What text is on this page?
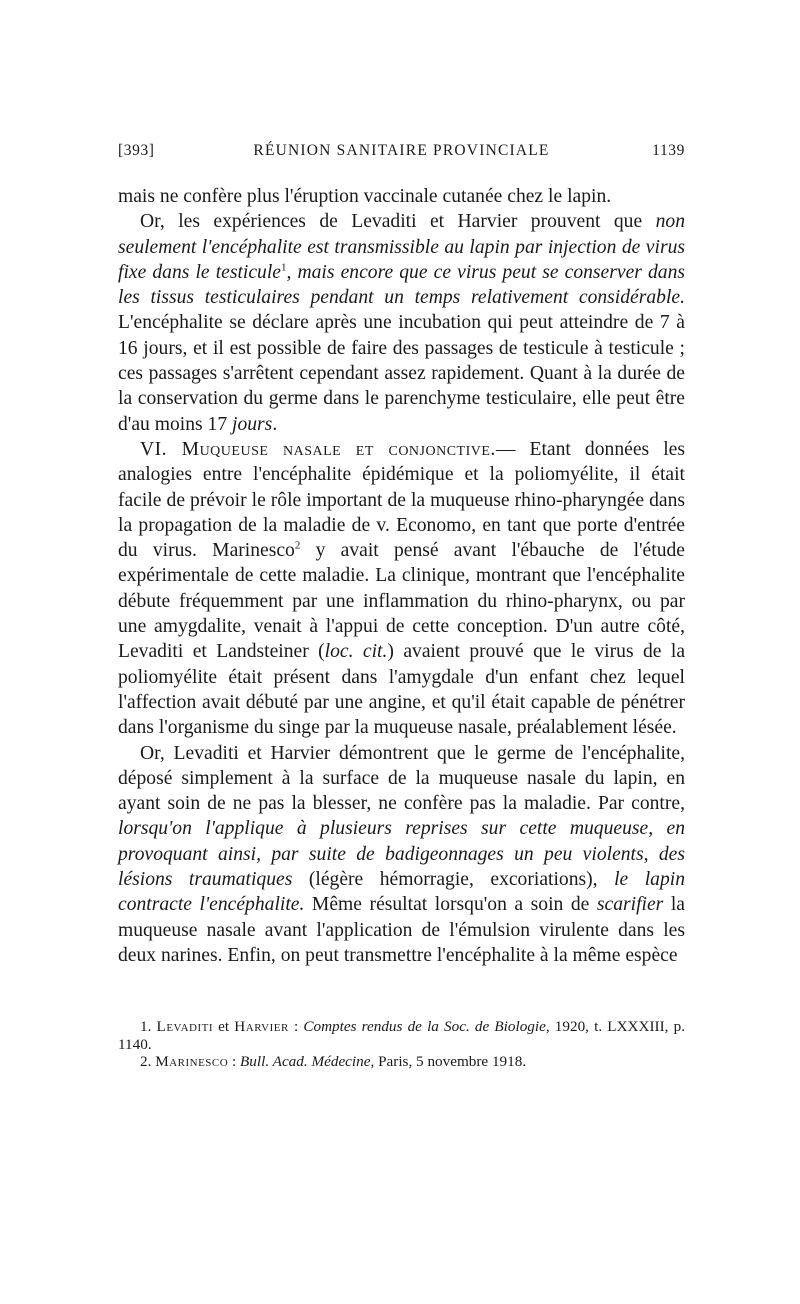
[393]	RÉUNION SANITAIRE PROVINCIALE	1139

mais ne confère plus l'éruption vaccinale cutanée chez le lapin.

Or, les expériences de Levaditi et Harvier prouvent que non seulement l'encéphalite est transmissible au lapin par injection de virus fixe dans le testicule$^1$, mais encore que ce virus peut se conserver dans les tissus testiculaires pendant un temps relativement considérable. L'encéphalite se déclare après une incubation qui peut atteindre de 7 à 16 jours, et il est possible de faire des passages de testicule à testicule ; ces passages s'arrêtent cependant assez rapidement. Quant à la durée de la conservation du germe dans le parenchyme testiculaire, elle peut être d'au moins 17 jours.

VI. Muqueuse nasale et conjonctive.— Etant données les analogies entre l'encéphalite épidémique et la poliomyélite, il était facile de prévoir le rôle important de la muqueuse rhino-pharyngée dans la propagation de la maladie de v. Economo, en tant que porte d'entrée du virus. Marinesco$^2$ y avait pensé avant l'ébauche de l'étude expérimentale de cette maladie. La clinique, montrant que l'encéphalite débute fréquemment par une inflammation du rhino-pharynx, ou par une amygdalite, venait à l'appui de cette conception. D'un autre côté, Levaditi et Landsteiner (loc. cit.) avaient prouvé que le virus de la poliomyélite était présent dans l'amygdale d'un enfant chez lequel l'affection avait débuté par une angine, et qu'il était capable de pénétrer dans l'organisme du singe par la muqueuse nasale, préalablement lésée.

Or, Levaditi et Harvier démontrent que le germe de l'encéphalite, déposé simplement à la surface de la muqueuse nasale du lapin, en ayant soin de ne pas la blesser, ne confère pas la maladie. Par contre, lorsqu'on l'applique à plusieurs reprises sur cette muqueuse, en provoquant ainsi, par suite de badigeonnages un peu violents, des lésions traumatiques (légère hémorragie, excoriations), le lapin contracte l'encéphalite. Même résultat lorsqu'on a soin de scarifier la muqueuse nasale avant l'application de l'émulsion virulente dans les deux narines. Enfin, on peut transmettre l'encéphalite à la même espèce

1. Levaditi et Harvier : Comptes rendus de la Soc. de Biologie, 1920, t. LXXXIII, p. 1140.

2. Marinesco : Bull. Acad. Médecine, Paris, 5 novembre 1918.
